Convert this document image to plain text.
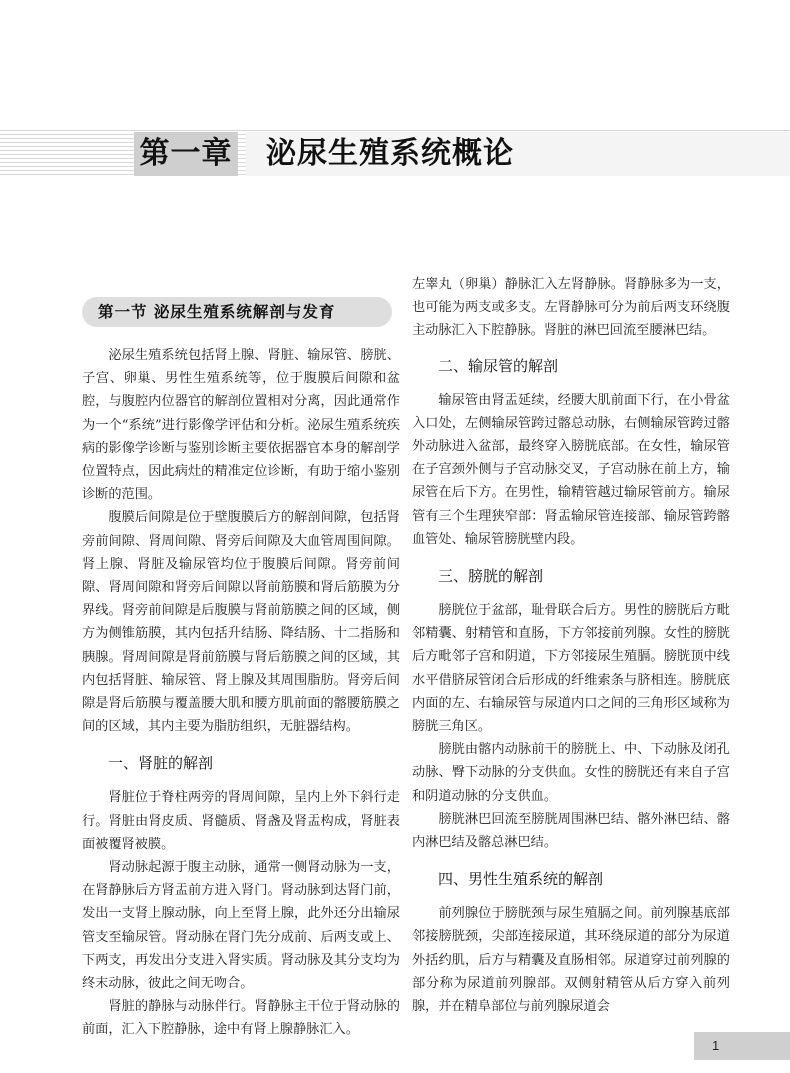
第一章	泌尿生殖系统概论
第一节 泌尿生殖系统解剖与发育

泌尿生殖系统包括肾上腺、肾脏、输尿管、膀胱、子宫、卵巢、男性生殖系统等，位于腹膜后间隙和盆腔，与腹腔内位器官的解剖位置相对分离，因此通常作为一个“系统”进行影像学评估和分析。泌尿生殖系统疾病的影像学诊断与鉴别诊断主要依据器官本身的解剖学位置特点，因此病灶的精准定位诊断，有助于缩小鉴别诊断的范围。

腹膜后间隙是位于壁腹膜后方的解剖间隙，包括肾旁前间隙、肾周间隙、肾旁后间隙及大血管周围间隙。肾上腺、肾脏及输尿管均位于腹膜后间隙。肾旁前间隙、肾周间隙和肾旁后间隙以肾前筋膜和肾后筋膜为分界线。肾旁前间隙是后腹膜与肾前筋膜之间的区域，侧方为侧锥筋膜，其内包括升结肠、降结肠、十二指肠和胰腺。肾周间隙是肾前筋膜与肾后筋膜之间的区域，其内包括肾脏、输尿管、肾上腺及其周围脂肪。肾旁后间隙是肾后筋膜与覆盖腰大肌和腰方肌前面的髂腰筋膜之间的区域，其内主要为脂肪组织，无脏器结构。

一、肾脏的解剖

肾脏位于脊柱两旁的肾周间隙，呈内上外下斜行走行。肾脏由肾皮质、肾髓质、肾盏及肾盂构成，肾脏表面被覆肾被膜。

肾动脉起源于腹主动脉，通常一侧肾动脉为一支，在肾静脉后方肾盂前方进入肾门。肾动脉到达肾门前，发出一支肾上腺动脉，向上至肾上腺，此外还分出输尿管支至输尿管。肾动脉在肾门先分成前、后两支或上、下两支，再发出分支进入肾实质。肾动脉及其分支均为终末动脉，彼此之间无吻合。

肾脏的静脉与动脉伴行。肾静脉主干位于肾动脉的前面，汇入下腔静脉，途中有肾上腺静脉汇入。

左睾丸（卵巢）静脉汇入左肾静脉。肾静脉多为一支，也可能为两支或多支。左肾静脉可分为前后两支环绕腹主动脉汇入下腔静脉。肾脏的淋巴回流至腰淋巴结。

二、输尿管的解剖

输尿管由肾盂延续，经腰大肌前面下行，在小骨盆入口处，左侧输尿管跨过髂总动脉，右侧输尿管跨过髂外动脉进入盆部，最终穿入膀胱底部。在女性，输尿管在子宫颈外侧与子宫动脉交叉，子宫动脉在前上方，输尿管在后下方。在男性，输精管越过输尿管前方。输尿管有三个生理狭窄部：肾盂输尿管连接部、输尿管跨髂血管处、输尿管膀胱壁内段。

三、膀胱的解剖

膀胱位于盆部，耻骨联合后方。男性的膀胱后方毗邻精囊、射精管和直肠，下方邻接前列腺。女性的膀胱后方毗邻子宫和阴道，下方邻接尿生殖膈。膀胱顶中线水平借脐尿管闭合后形成的纤维索条与脐相连。膀胱底内面的左、右输尿管与尿道内口之间的三角形区域称为膀胱三角区。

膀胱由髂内动脉前干的膀胱上、中、下动脉及闭孔动脉、臀下动脉的分支供血。女性的膀胱还有来自子宫和阴道动脉的分支供血。

膀胱淋巴回流至膀胱周围淋巴结、髂外淋巴结、髂内淋巴结及髂总淋巴结。

四、男性生殖系统的解剖

前列腺位于膀胱颈与尿生殖膈之间。前列腺基底部邻接膀胱颈，尖部连接尿道，其环绕尿道的部分为尿道外括约肌，后方与精囊及直肠相邻。尿道穿过前列腺的部分称为尿道前列腺部。双侧射精管从后方穿入前列腺，并在精阜部位与前列腺尿道会

1
